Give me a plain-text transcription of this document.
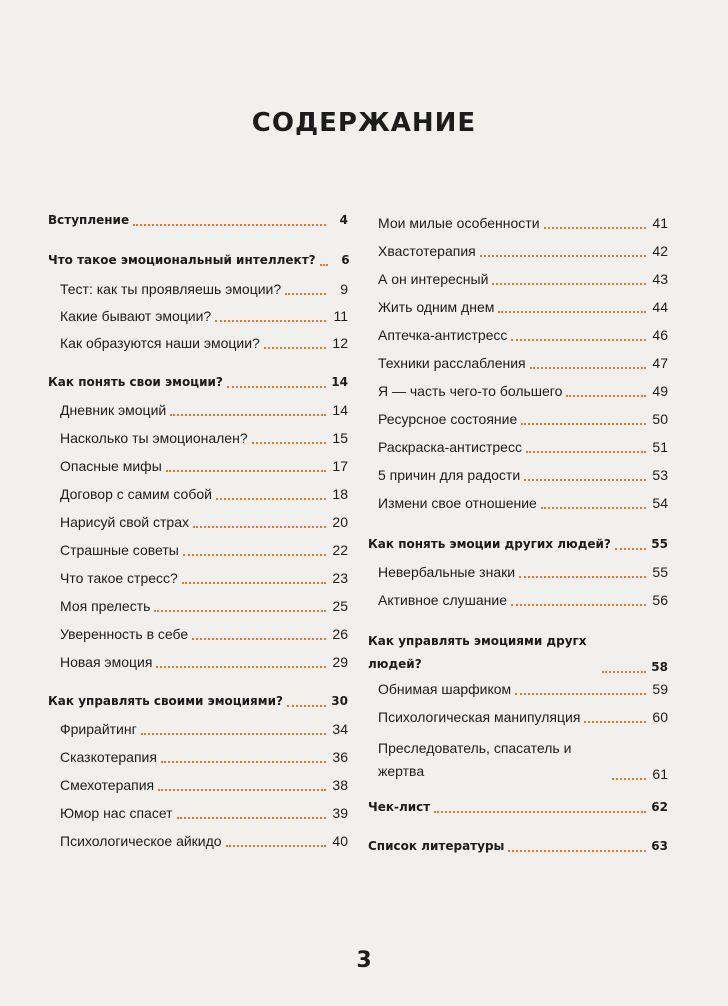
СОДЕРЖАНИЕ
Вступление	4
Что такое эмоциональный интеллект?	6
Тест: как ты проявляешь эмоции?	9
Какие бывают эмоции?	11
Как образуются наши эмоции?	12
Как понять свои эмоции?	14
Дневник эмоций	14
Насколько ты эмоционален?	15
Опасные мифы	17
Договор с самим собой	18
Нарисуй свой страх	20
Страшные советы	22
Что такое стресс?	23
Моя прелесть	25
Уверенность в себе	26
Новая эмоция	29
Как управлять своими эмоциями?	30
Фрирайтинг	34
Сказкотерапия	36
Смехотерапия	38
Юмор нас спасет	39
Психологическое айкидо	40
Мои милые особенности	41
Хвастотерапия	42
А он интересный	43
Жить одним днем	44
Аптечка-антистресс	46
Техники расслабления	47
Я — часть чего-то большего	49
Ресурсное состояние	50
Раскраска-антистресс	51
5 причин для радости	53
Измени свое отношение	54
Как понять эмоции других людей?	55
Невербальные знаки	55
Активное слушание	56
Как управлять эмоциями другх людей?	58
Обнимая шарфиком	59
Психологическая манипуляция	60
Преследователь, спасатель и жертва	61
Чек-лист	62
Список литературы	63
3
